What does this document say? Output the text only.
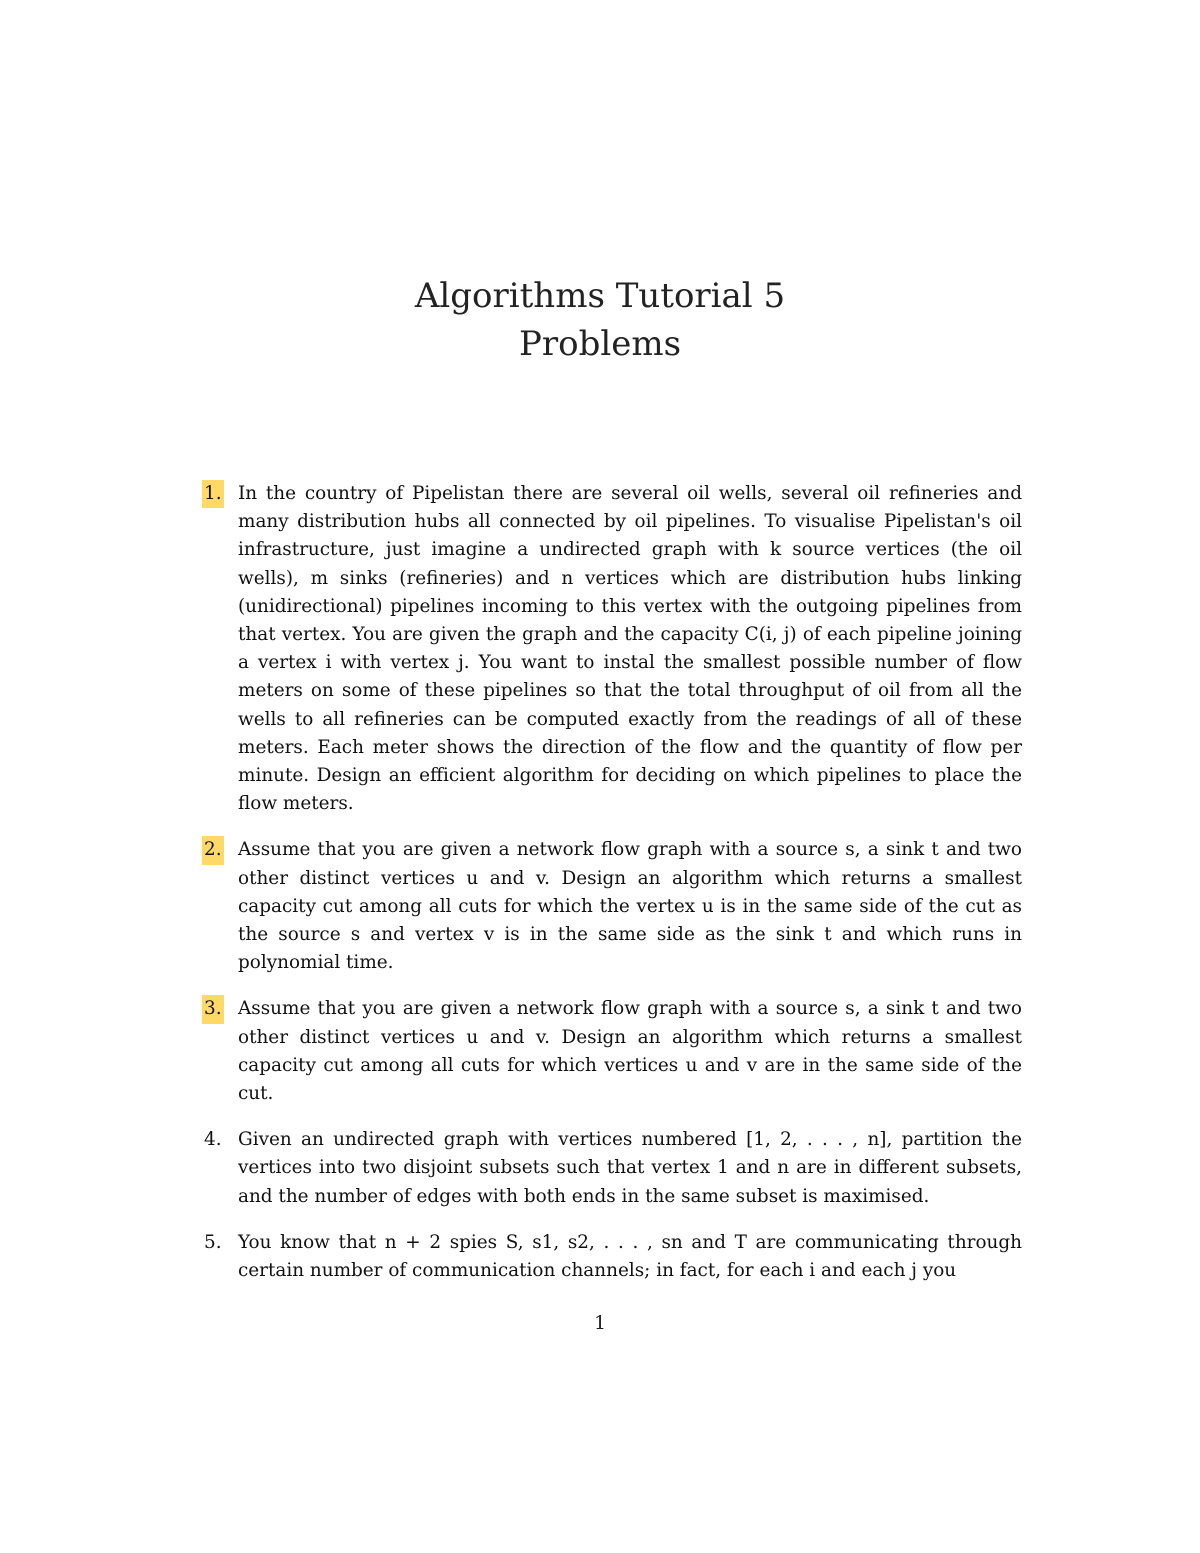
Algorithms Tutorial 5
Problems
1. In the country of Pipelistan there are several oil wells, several oil refineries and many distribution hubs all connected by oil pipelines. To visualise Pipelistan's oil infrastructure, just imagine a undirected graph with k source vertices (the oil wells), m sinks (refineries) and n vertices which are distribution hubs linking (unidirectional) pipelines incoming to this vertex with the outgoing pipelines from that vertex. You are given the graph and the capacity C(i, j) of each pipeline joining a vertex i with vertex j. You want to instal the smallest possible number of flow meters on some of these pipelines so that the total throughput of oil from all the wells to all refineries can be computed exactly from the readings of all of these meters. Each meter shows the direction of the flow and the quantity of flow per minute. Design an efficient algorithm for deciding on which pipelines to place the flow meters.
2. Assume that you are given a network flow graph with a source s, a sink t and two other distinct vertices u and v. Design an algorithm which returns a smallest capacity cut among all cuts for which the vertex u is in the same side of the cut as the source s and vertex v is in the same side as the sink t and which runs in polynomial time.
3. Assume that you are given a network flow graph with a source s, a sink t and two other distinct vertices u and v. Design an algorithm which returns a smallest capacity cut among all cuts for which vertices u and v are in the same side of the cut.
4. Given an undirected graph with vertices numbered [1, 2, . . . , n], partition the vertices into two disjoint subsets such that vertex 1 and n are in different subsets, and the number of edges with both ends in the same subset is maximised.
5. You know that n + 2 spies S, s1, s2, . . . , sn and T are communicating through certain number of communication channels; in fact, for each i and each j you
1
